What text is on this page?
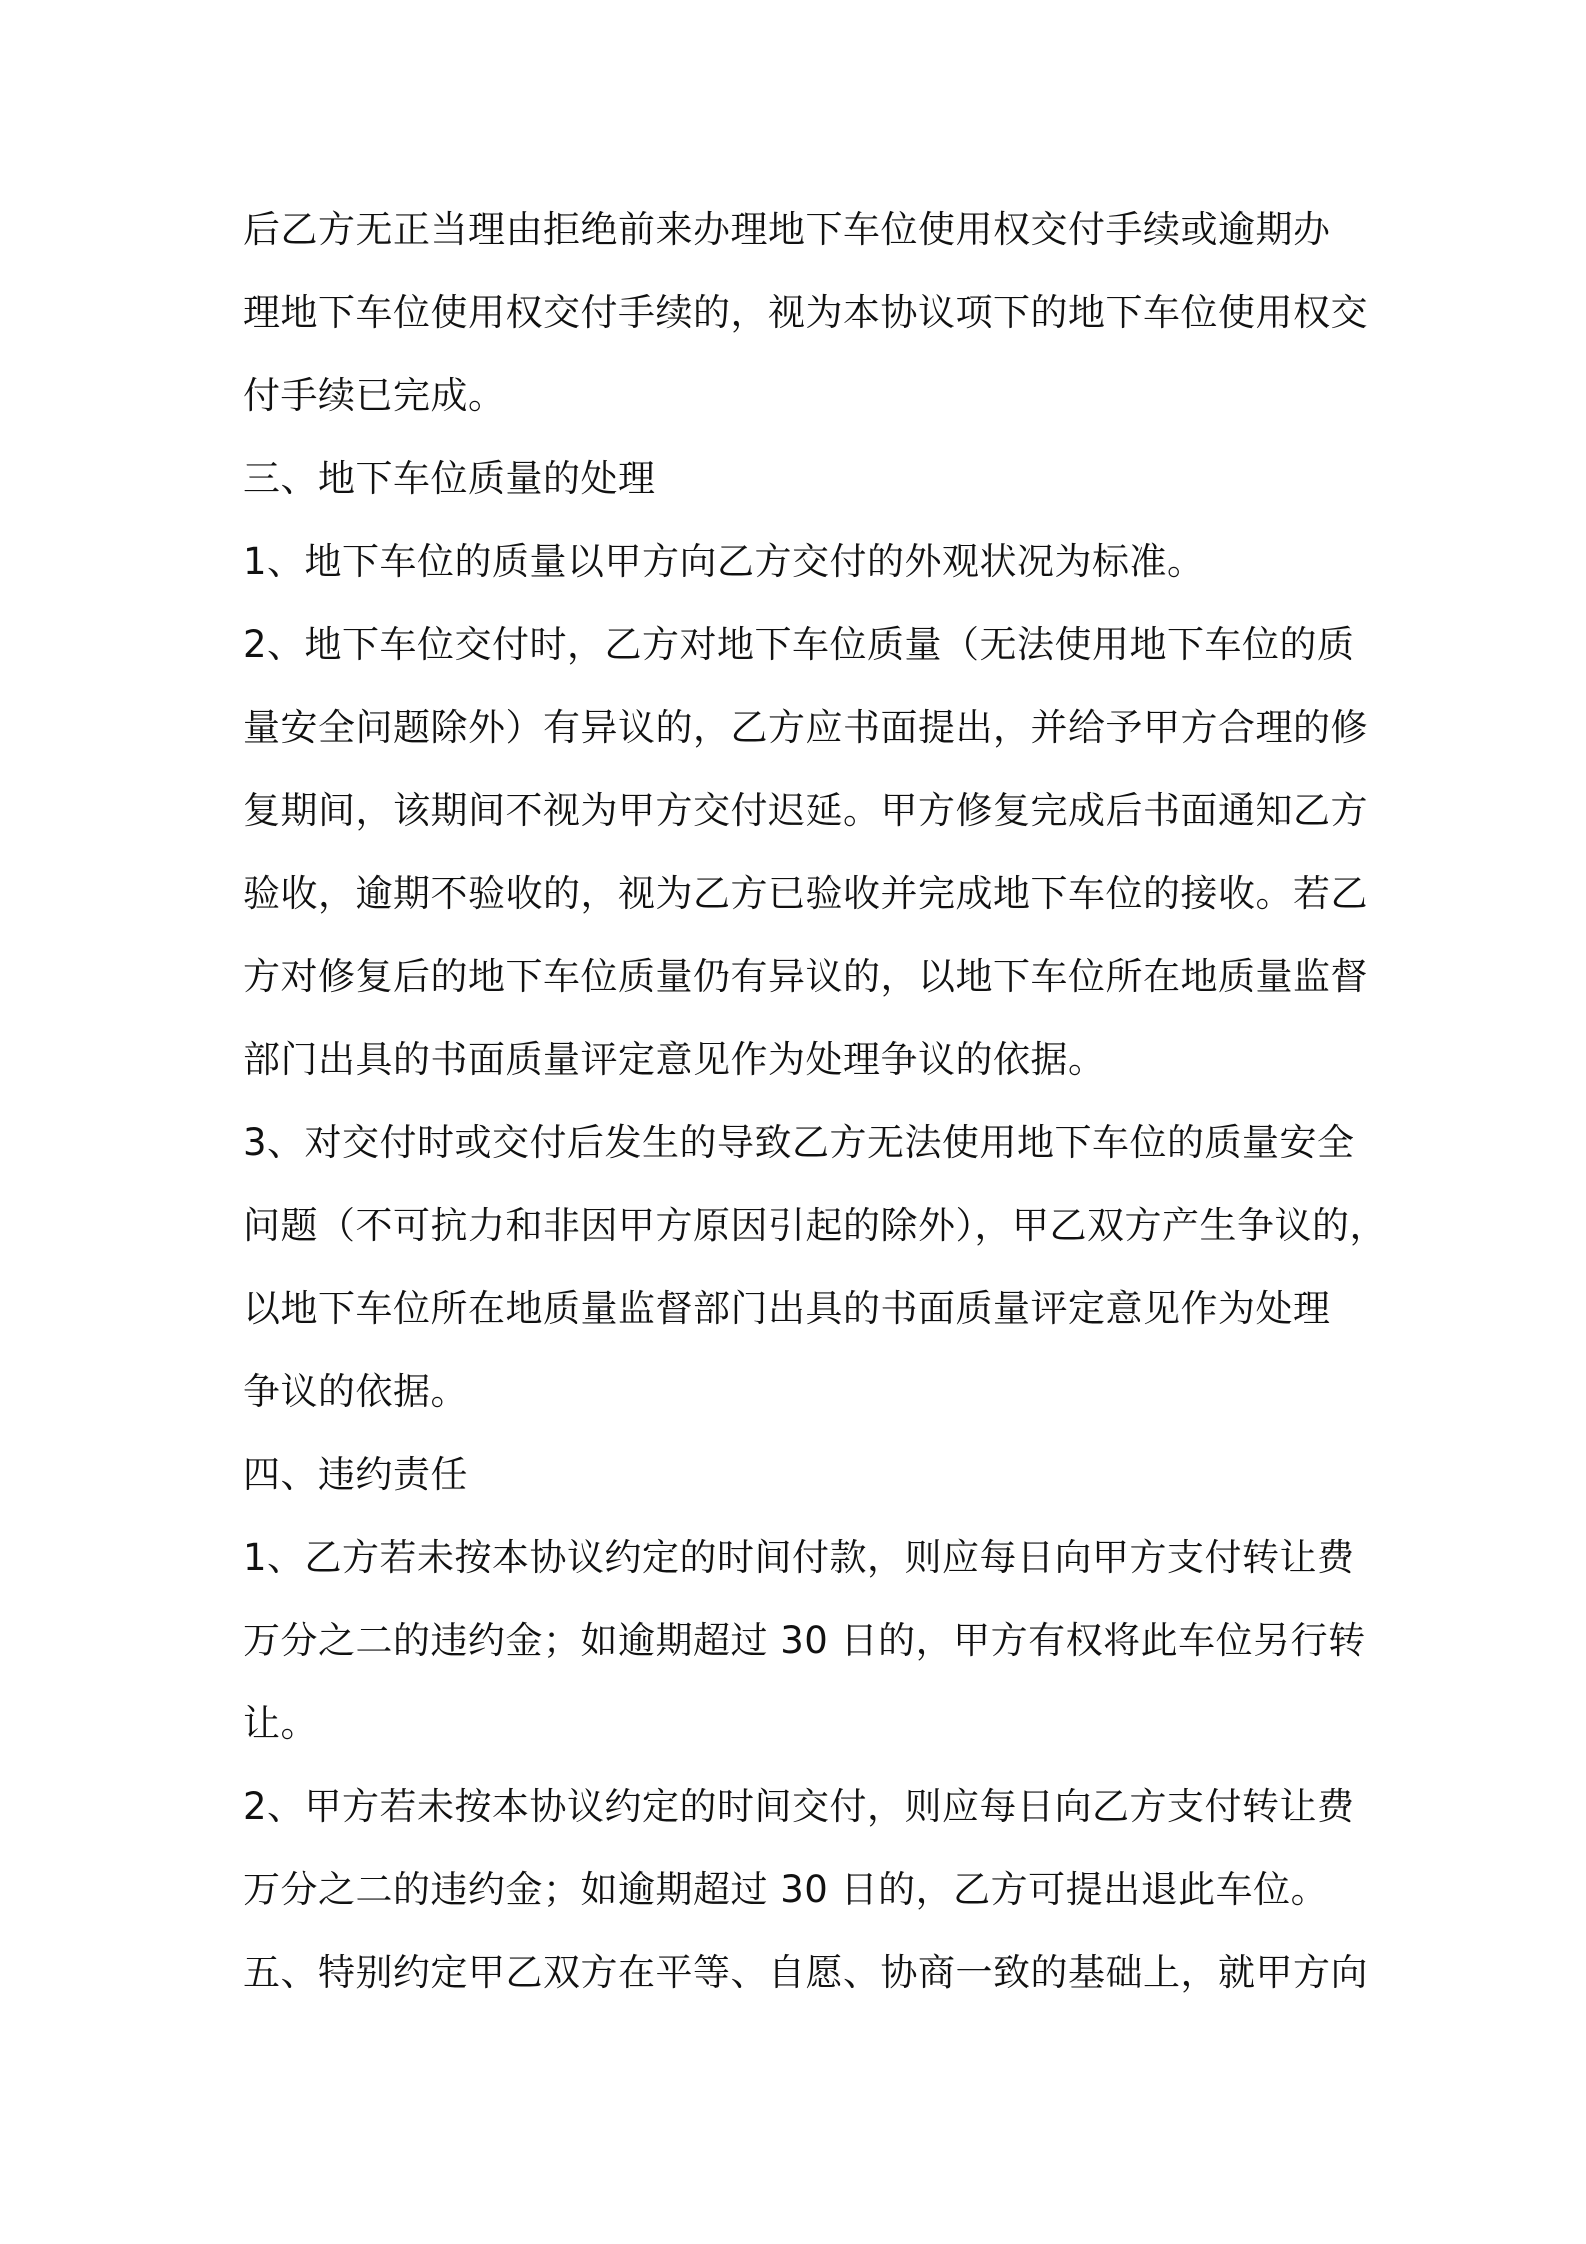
后乙方无正当理由拒绝前来办理地下车位使用权交付手续或逾期办

理地下车位使用权交付手续的，视为本协议项下的地下车位使用权交

付手续已完成。

三、地下车位质量的处理

1、地下车位的质量以甲方向乙方交付的外观状况为标准。

2、地下车位交付时，乙方对地下车位质量（无法使用地下车位的质

量安全问题除外）有异议的，乙方应书面提出，并给予甲方合理的修

复期间，该期间不视为甲方交付迟延。甲方修复完成后书面通知乙方

验收，逾期不验收的，视为乙方已验收并完成地下车位的接收。若乙

方对修复后的地下车位质量仍有异议的，以地下车位所在地质量监督

部门出具的书面质量评定意见作为处理争议的依据。

3、对交付时或交付后发生的导致乙方无法使用地下车位的质量安全

问题（不可抗力和非因甲方原因引起的除外），甲乙双方产生争议的，

以地下车位所在地质量监督部门出具的书面质量评定意见作为处理

争议的依据。

四、违约责任

1、乙方若未按本协议约定的时间付款，则应每日向甲方支付转让费

万分之二的违约金；如逾期超过 30 日的，甲方有权将此车位另行转

让。

2、甲方若未按本协议约定的时间交付，则应每日向乙方支付转让费

万分之二的违约金；如逾期超过 30 日的，乙方可提出退此车位。

五、特别约定甲乙双方在平等、自愿、协商一致的基础上，就甲方向
